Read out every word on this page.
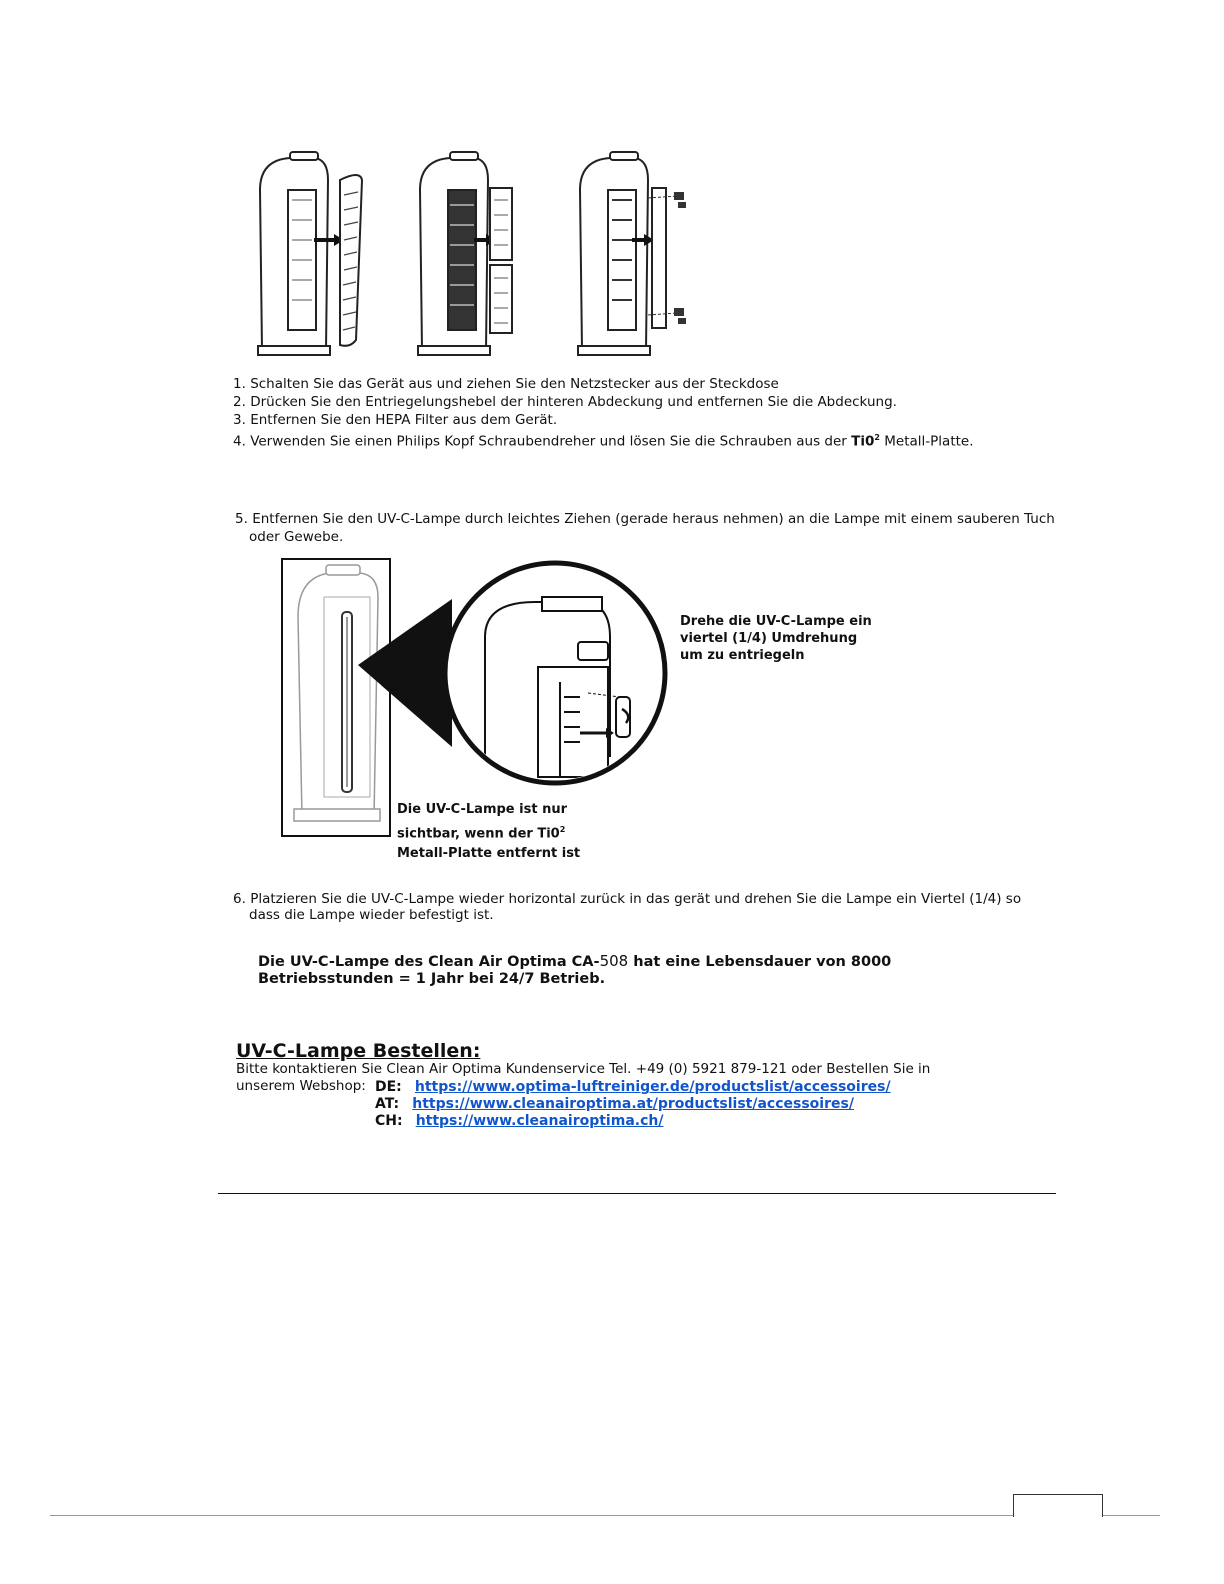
1. Schalten Sie das Gerät aus und ziehen Sie den Netzstecker aus der Steckdose
2. Drücken Sie den Entriegelungshebel der hinteren Abdeckung und entfernen Sie die Abdeckung.
3. Entfernen Sie den HEPA Filter aus dem Gerät.
4. Verwenden Sie einen Philips Kopf Schraubendreher und lösen Sie die Schrauben aus der $Ti0^2$ Metall-Platte.
5. Entfernen Sie den UV-C-Lampe durch leichtes Ziehen (gerade heraus nehmen) an die Lampe mit einem sauberen Tuch
oder Gewebe.
Drehe die UV-C-Lampe ein
viertel (1/4) Umdrehung
um zu entriegeln
Die UV-C-Lampe ist nur
sichtbar, wenn der $Ti0^2$
Metall-Platte entfernt ist
6. Platzieren Sie die UV-C-Lampe wieder horizontal zurück in das gerät und drehen Sie die Lampe ein Viertel (1/4) so
dass die Lampe wieder befestigt ist.
Die UV-C-Lampe des Clean Air Optima CA-508 hat eine Lebensdauer von 8000
Betriebsstunden = 1 Jahr bei 24/7 Betrieb.
UV-C-Lampe Bestellen:
Bitte kontaktieren Sie Clean Air Optima Kundenservice Tel. +49 (0) 5921 879-121 oder Bestellen Sie in
unserem Webshop: DE: https://www.optima-luftreiniger.de/productslist/accessoires/
AT: https://www.cleanairoptima.at/productslist/accessoires/
CH: https://www.cleanairoptima.ch/
